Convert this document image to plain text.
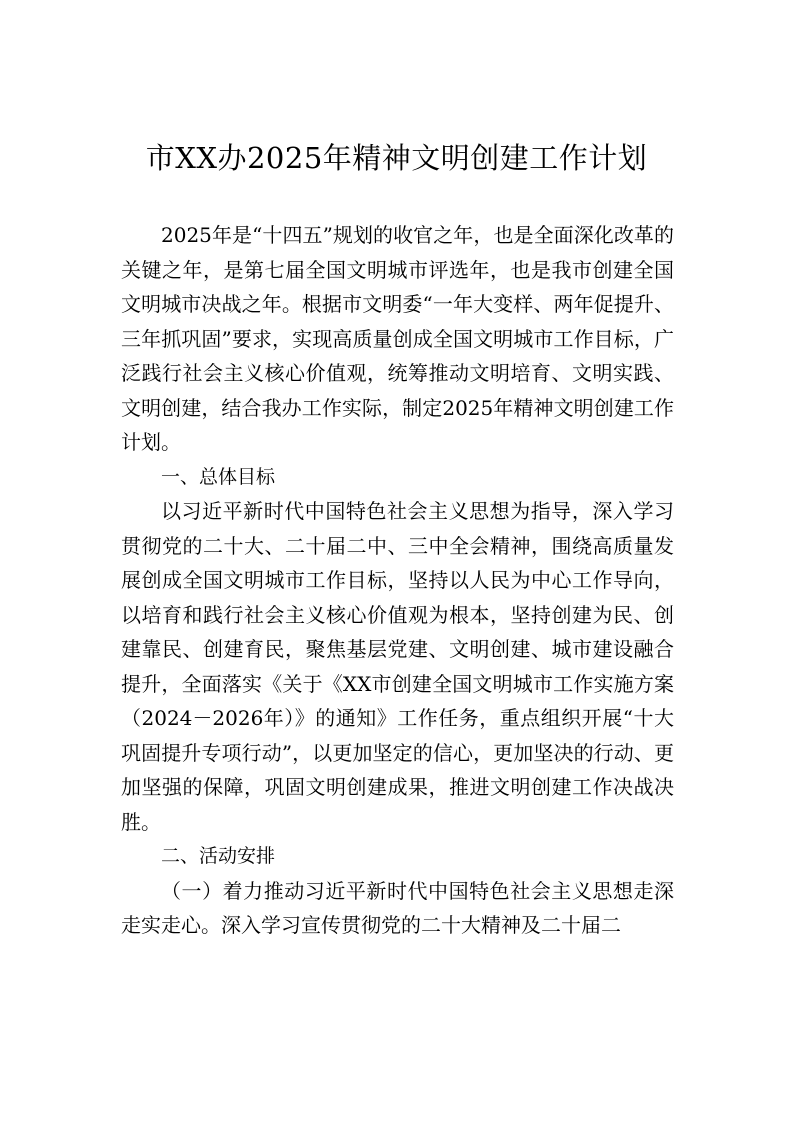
市XX办2025年精神文明创建工作计划

2025年是“十四五”规划的收官之年，也是全面深化改革的关键之年，是第七届全国文明城市评选年，也是我市创建全国文明城市决战之年。根据市文明委“一年大变样、两年促提升、三年抓巩固”要求，实现高质量创成全国文明城市工作目标，广泛践行社会主义核心价值观，统筹推动文明培育、文明实践、文明创建，结合我办工作实际，制定2025年精神文明创建工作计划。

一、总体目标

以习近平新时代中国特色社会主义思想为指导，深入学习贯彻党的二十大、二十届二中、三中全会精神，围绕高质量发展创成全国文明城市工作目标，坚持以人民为中心工作导向，以培育和践行社会主义核心价值观为根本，坚持创建为民、创建靠民、创建育民，聚焦基层党建、文明创建、城市建设融合提升，全面落实《关于《XX市创建全国文明城市工作实施方案（2024－2026年）》的通知》工作任务，重点组织开展“十大巩固提升专项行动”，以更加坚定的信心，更加坚决的行动、更加坚强的保障，巩固文明创建成果，推进文明创建工作决战决胜。

二、活动安排

（一）着力推动习近平新时代中国特色社会主义思想走深走实走心。深入学习宣传贯彻党的二十大精神及二十届二
